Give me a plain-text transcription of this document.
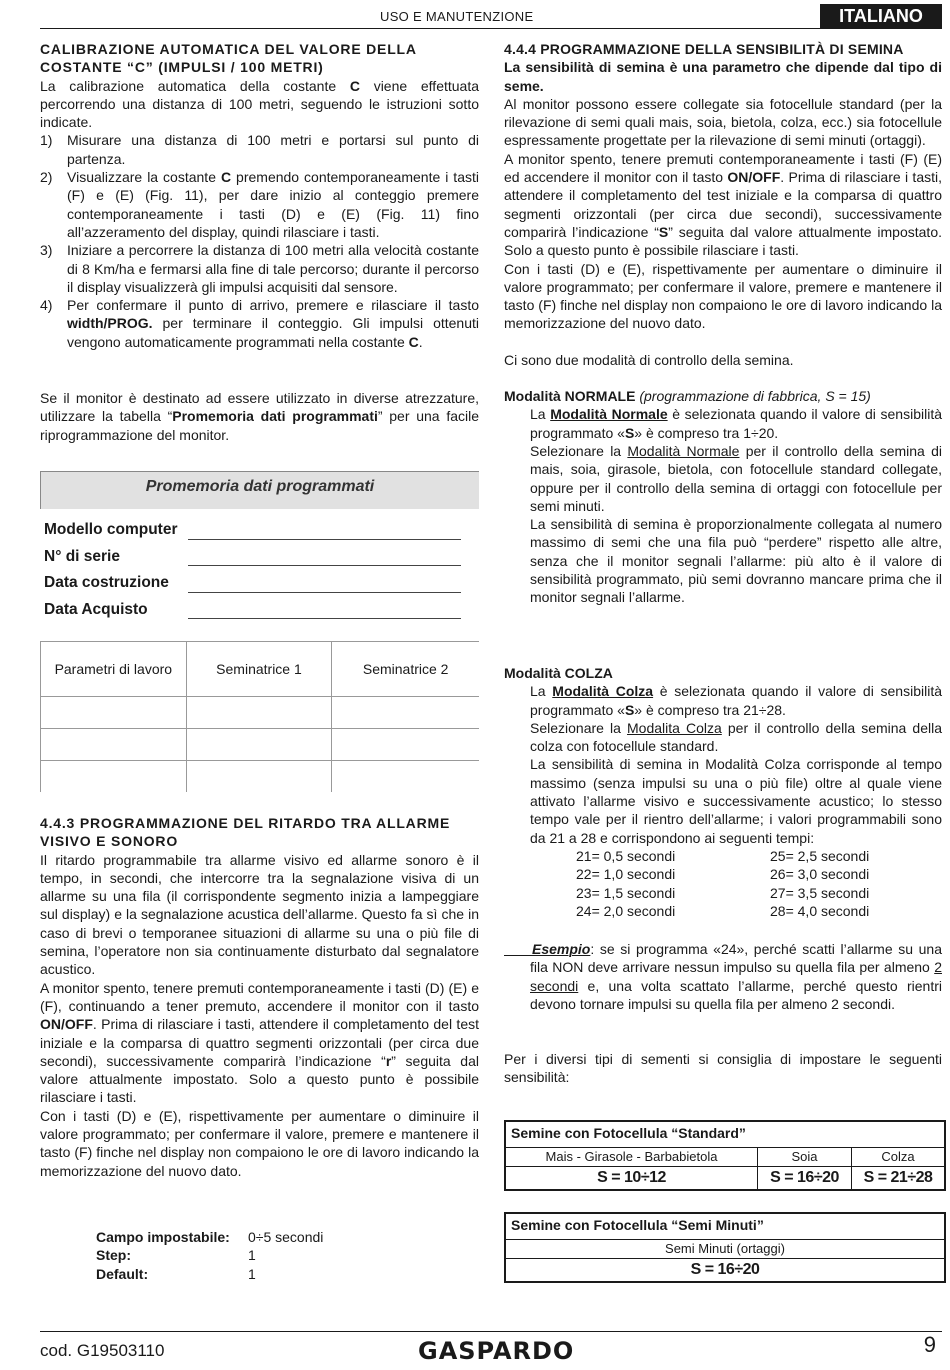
USO E MANUTENZIONE	ITALIANO

CALIBRAZIONE AUTOMATICA DEL VALORE DELLA

COSTANTE “C” (IMPULSI / 100 METRI)

La calibrazione automatica della costante C viene effettuata percorrendo una distanza di 100 metri, seguendo le istruzioni sotto indicate.

1) Misurare una distanza di 100 metri e portarsi sul punto di partenza.
2) Visualizzare la costante C premendo contemporaneamente i tasti (F) e (E) (Fig. 11), per dare inizio al conteggio premere contemporaneamente i tasti (D) e (E) (Fig. 11) fino all’azzeramento del display, quindi rilasciare i tasti.
3) Iniziare a percorrere la distanza di 100 metri alla velocità costante di 8 Km/ha e fermarsi alla fine di tale percorso; durante il percorso il display visualizzerà gli impulsi acquisiti dal sensore.
4) Per confermare il punto di arrivo, premere e rilasciare il tasto width/PROG. per terminare il conteggio. Gli impulsi ottenuti vengono automaticamente programmati nella costante C.

Se il monitor è destinato ad essere utilizzato in diverse atrezzature, utilizzare la tabella “Promemoria dati programmati” per una facile riprogrammazione del monitor.

Promemoria dati programmati
Modello computer
N° di serie
Data costruzione
Data Acquisto
Parametri di lavoro	Seminatrice 1	Seminatrice 2

4.4.3 PROGRAMMAZIONE DEL RITARDO TRA ALLARME

VISIVO E SONORO

Il ritardo programmabile tra allarme visivo ed allarme sonoro è il tempo, in secondi, che intercorre tra la segnalazione visiva di un allarme su una fila (il corrispondente segmento inizia a lampeggiare sul display) e la segnalazione acustica dell’allarme. Questo fa sì che in caso di brevi o temporanee situazioni di allarme su una o più file di semina, l’operatore non sia continuamente disturbato dal segnalatore acustico.

A monitor spento, tenere premuti contemporaneamente i tasti (D) (E) e (F), continuando a tener premuto, accendere il monitor con il tasto ON/OFF. Prima di rilasciare i tasti, attendere il completamento del test iniziale e la comparsa di quattro segmenti orizzontali (per circa due secondi), successivamente comparirà l’indicazione “r” seguita dal valore attualmente impostato. Solo a questo punto è possibile rilasciare i tasti.

Con i tasti (D) e (E), rispettivamente per aumentare o diminuire il valore programmato; per confermare il valore, premere e mantenere il tasto (F) finche nel display non compaiono le ore di lavoro indicando la memorizzazione del nuovo dato.

Campo impostabile: 0÷5 secondi
Step:	1
Default:	1

4.4.4 PROGRAMMAZIONE DELLA SENSIBILITÀ DI SEMINA

La sensibilità di semina è una parametro che dipende dal tipo di seme.

Al monitor possono essere collegate sia fotocellule standard (per la rilevazione di semi quali mais, soia, bietola, colza, ecc.) sia fotocellule espressamente progettate per la rilevazione di semi minuti (ortaggi).

A monitor spento, tenere premuti contemporaneamente i tasti (F) (E) ed accendere il monitor con il tasto ON/OFF. Prima di rilasciare i tasti, attendere il completamento del test iniziale e la comparsa di quattro segmenti orizzontali (per circa due secondi), successivamente comparirà l’indicazione “S” seguita dal valore attualmente impostato. Solo a questo punto è possibile rilasciare i tasti.

Con i tasti (D) e (E), rispettivamente per aumentare o diminuire il valore programmato; per confermare il valore, premere e mantenere il tasto (F) finche nel display non compaiono le ore di lavoro indicando la memorizzazione del nuovo dato.

Ci sono due modalità di controllo della semina.

Modalità NORMALE (programmazione di fabbrica, S = 15)

La Modalità Normale è selezionata quando il valore di sensibilità programmato «S» è compreso tra 1÷20.

Selezionare la Modalità Normale per il controllo della semina di mais, soia, girasole, bietola, con fotocellule standard collegate, oppure per il controllo della semina di ortaggi con fotocellule per semi minuti.

La sensibilità di semina è proporzionalmente collegata al numero massimo di semi che una fila può “perdere” rispetto alle altre, senza che il monitor segnali l’allarme: più alto è il valore di sensibilità programmato, più semi dovranno mancare prima che il monitor segnali l’allarme.

Modalità COLZA

La Modalità Colza è selezionata quando il valore di sensibilità programmato «S» è compreso tra 21÷28.

Selezionare la Modalita Colza per il controllo della semina della colza con fotocellule standard.

La sensibilità di semina in Modalità Colza corrisponde al tempo massimo (senza impulsi su una o più file) oltre al quale viene attivato l’allarme visivo e successivamente acustico; lo stesso tempo vale per il rientro dell’allarme; i valori programmabili sono da 21 a 28 e corrispondono ai seguenti tempi:

21= 0,5 secondi	25= 2,5 secondi
22= 1,0 secondi	26= 3,0 secondi
23= 1,5 secondi	27= 3,5 secondi
24= 2,0 secondi	28= 4,0 secondi

  Esempio: se si programma «24», perché scatti l’allarme su una fila NON deve arrivare nessun impulso su quella fila per almeno 2 secondi e, una volta scattato l’allarme, perché questo rientri devono tornare impulsi su quella fila per almeno 2 secondi.

Per i diversi tipi di sementi si consiglia di impostare le seguenti sensibilità:

Semine con Fotocellula “Standard”
Mais - Girasole - Barbabietola	Soia	Colza
S = 10÷12	S = 16÷20	S = 21÷28
Semine con Fotocellula “Semi Minuti”
Semi Minuti (ortaggi)
S = 16÷20
cod. G19503110	GASPARDO	9
